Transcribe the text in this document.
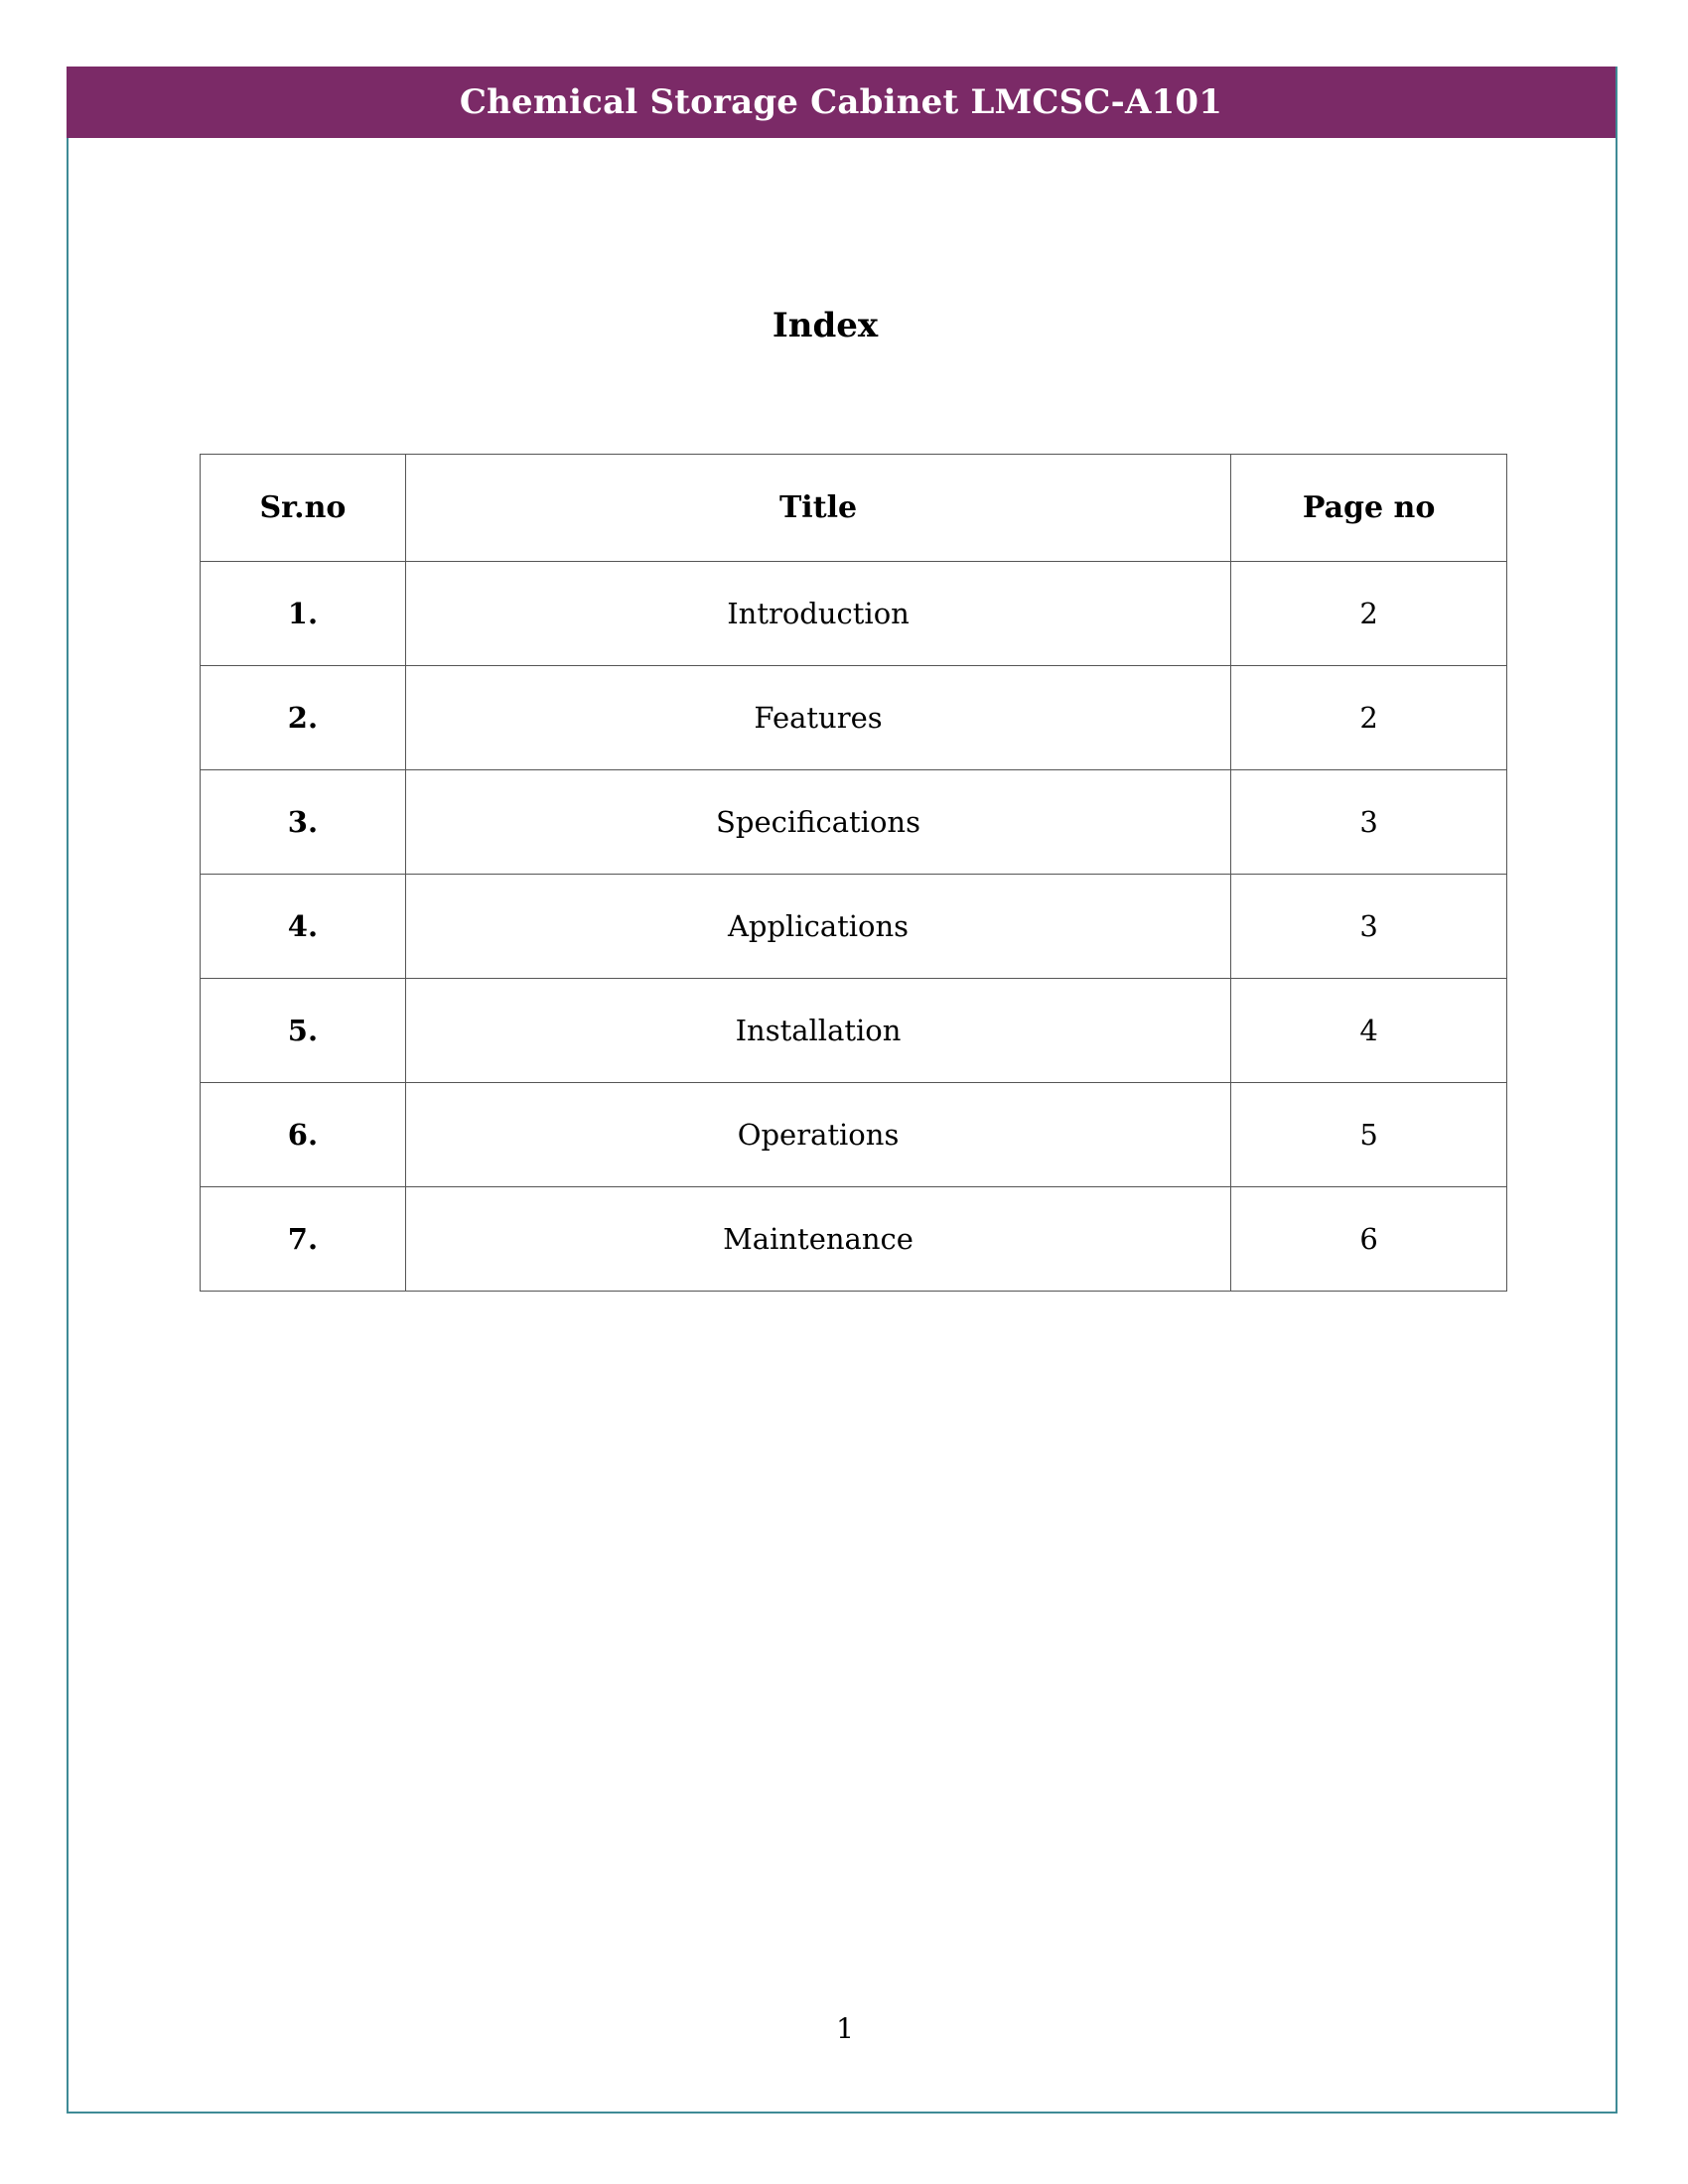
Chemical Storage Cabinet LMCSC-A101
Index
Sr.no	Title	Page no
1.	Introduction	2
2.	Features	2
3.	Specifications	3
4.	Applications	3
5.	Installation	4
6.	Operations	5
7.	Maintenance	6
1
